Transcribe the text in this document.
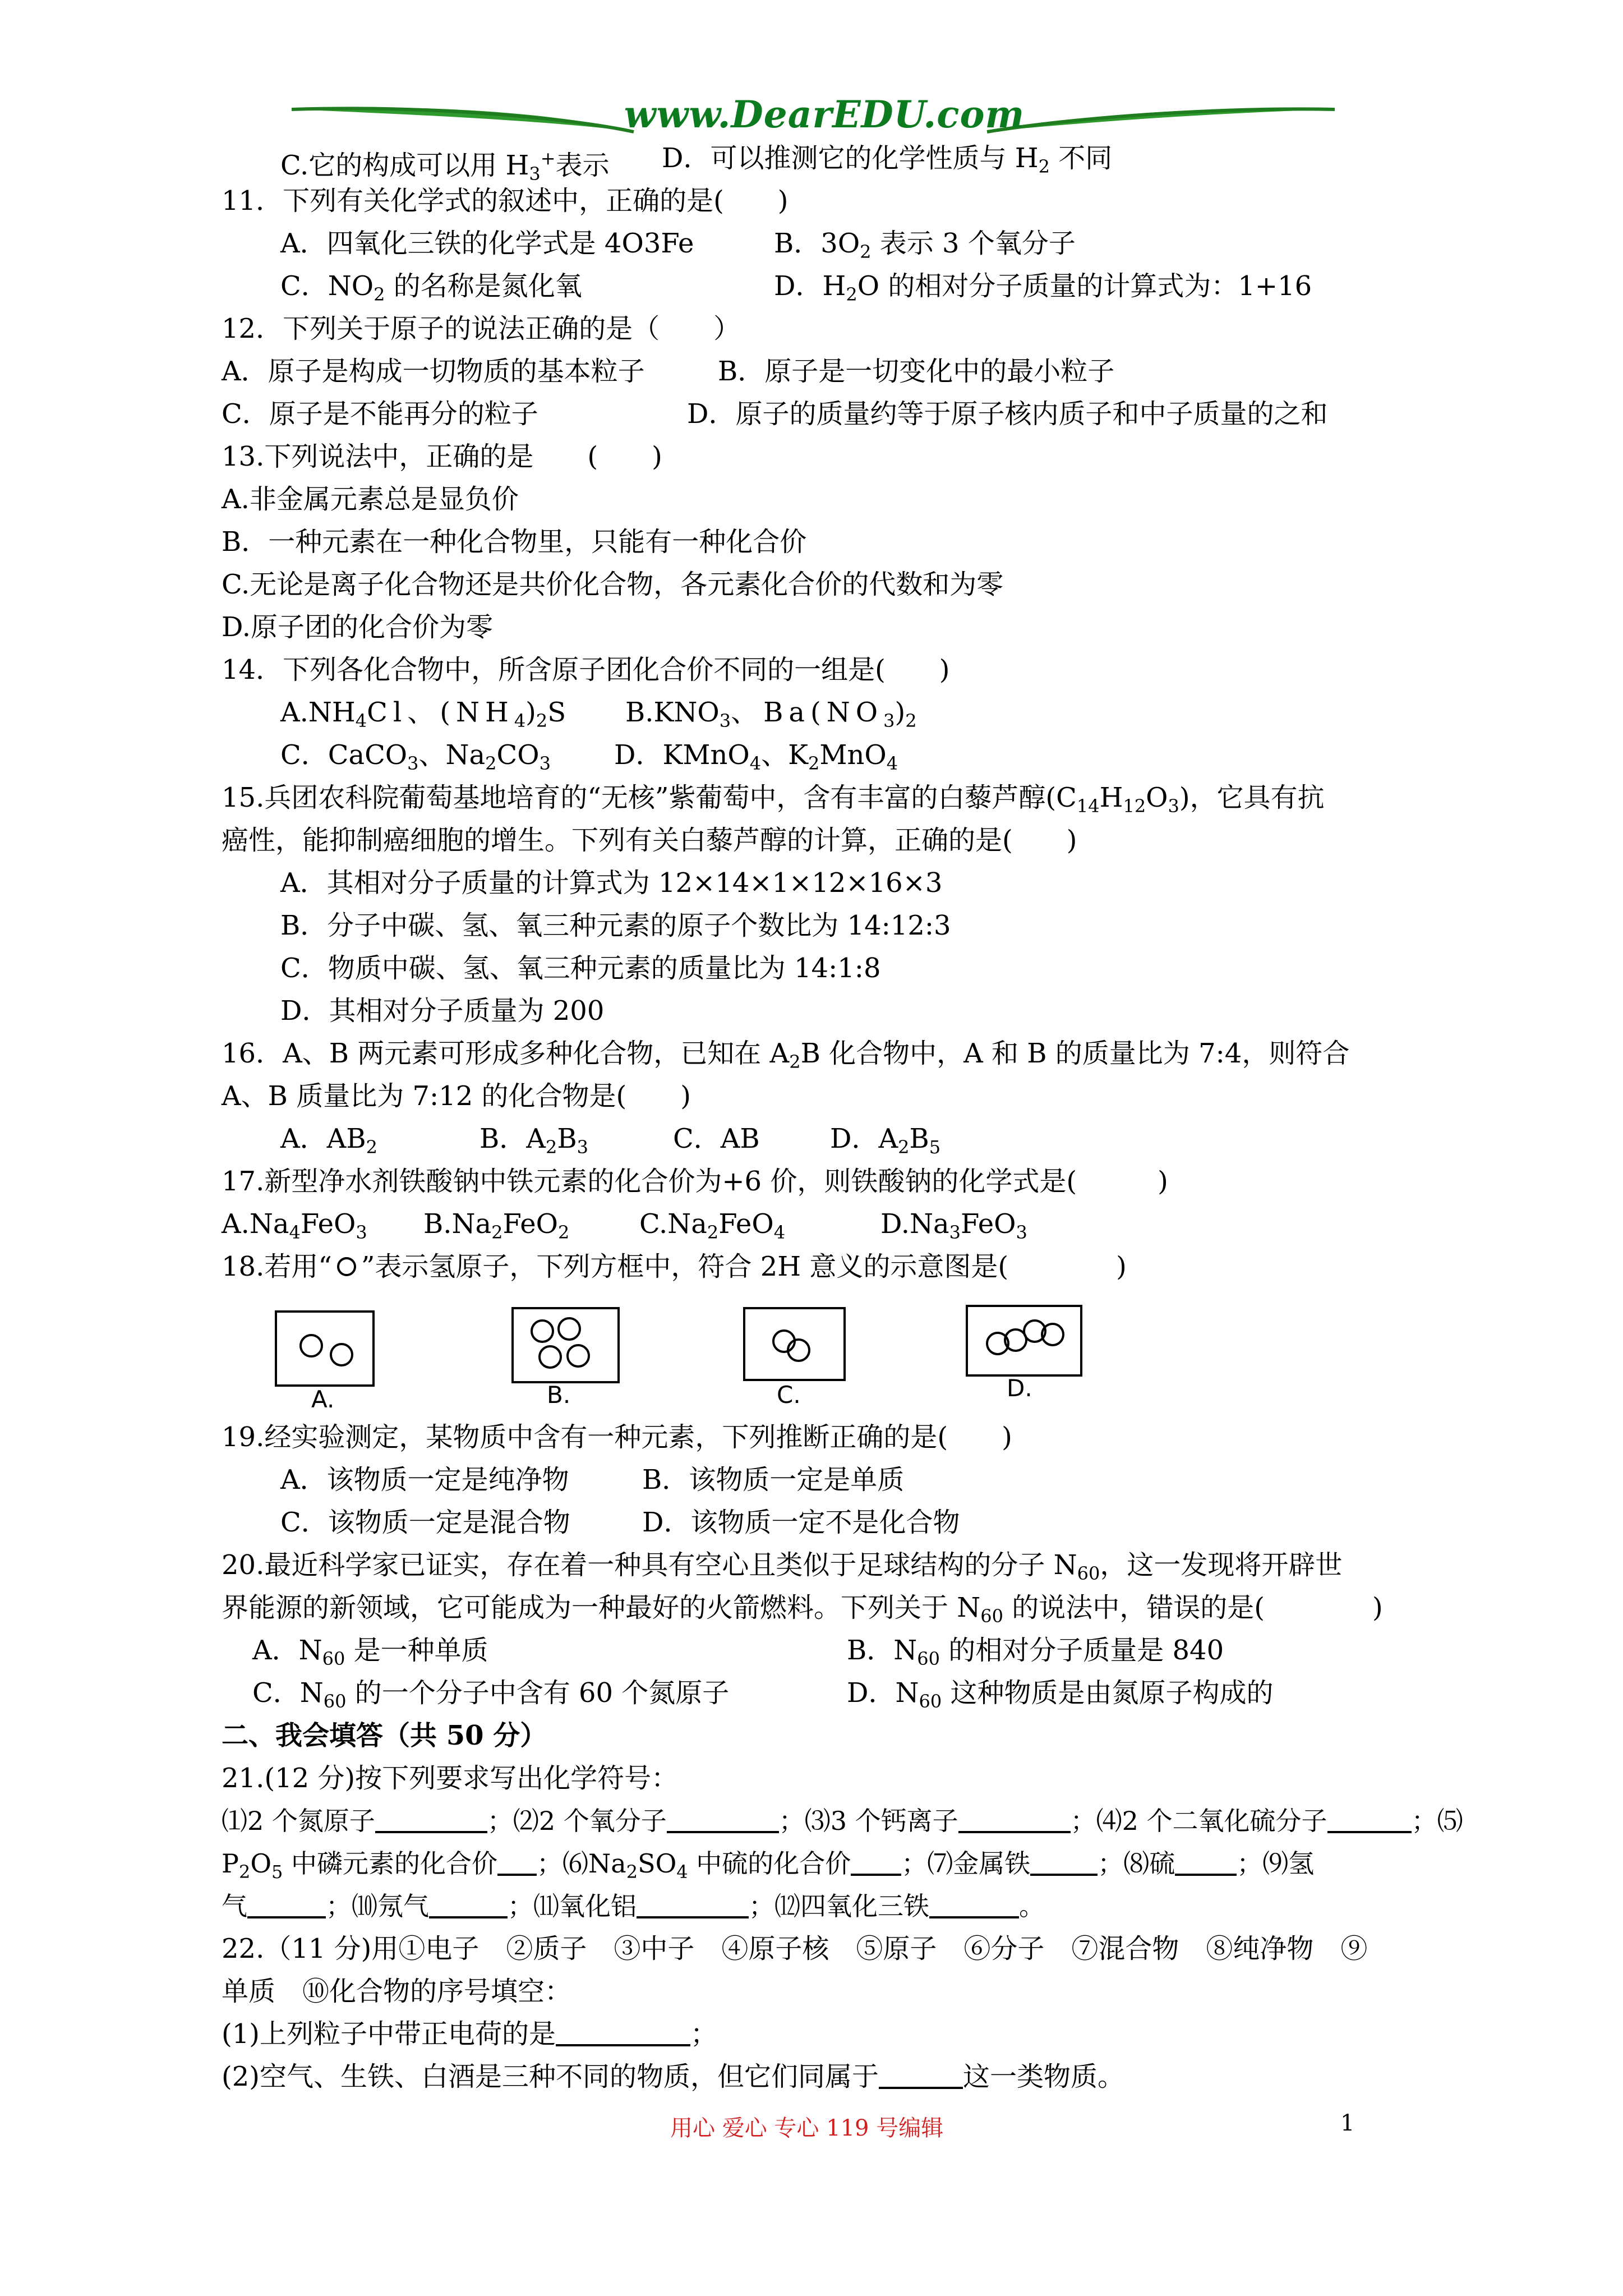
www.DearEDU.com
C.它的构成可以用 $H_3^+$表示 D．可以推测它的化学性质与 $H_2$ 不同
11．下列有关化学式的叙述中，正确的是(　　)
A．四氧化三铁的化学式是 4O3Fe	B．$3O_2$ 表示 3 个氧分子
C．$NO_2$ 的名称是氮化氧	D．$H_2O$ 的相对分子质量的计算式为：1+16
12．下列关于原子的说法正确的是（　　）
A．原子是构成一切物质的基本粒子	B．原子是一切变化中的最小粒子
C．原子是不能再分的粒子	D．原子的质量约等于原子核内质子和中子质量的之和
13.下列说法中，正确的是　　(　　)
A.非金属元素总是显负价
B．一种元素在一种化合物里，只能有一种化合价
C.无论是离子化合物还是共价化合物，各元素化合价的代数和为零
D.原子团的化合价为零
14．下列各化合物中，所含原子团化合价不同的一组是(　　)
$A.NH_4Cl$、$(NH_4)_2S$ $B.KNO_3$、$Ba(NO_3)_2$
C．CaCO$_3$、$Na_2CO_3$ D．KMnO$_4$、$K_2MnO_4$
15.兵团农科院葡萄基地培育的“无核”紫葡萄中，含有丰富的白藜芦醇$(C_{14}H_{12}O_3)$，它具有抗
癌性，能抑制癌细胞的增生。下列有关白藜芦醇的计算，正确的是(　　)
A．其相对分子质量的计算式为 12×14×1×12×16×3
B．分子中碳、氢、氧三种元素的原子个数比为 14:12:3
C．物质中碳、氢、氧三种元素的质量比为 14:1:8
D．其相对分子质量为 200
16．A、B 两元素可形成多种化合物，已知在 $A_2B$ 化合物中，A 和 B 的质量比为 7:4，则符合
A、B 质量比为 7:12 的化合物是(　　)
A．$AB_2$	B．$A_2B_3$	C．AB	D．$A_2B_5$
17.新型净水剂铁酸钠中铁元素的化合价为+6 价，则铁酸钠的化学式是(　　　)
$A.Na_4FeO_3$ $B.Na_2FeO_2$	$C.Na_2FeO_4$	$D.Na_3FeO_3$
18.若用“ ”表示氢原子，下列方框中，符合 2H 意义的示意图是(　　　　)
A.	B.	C.	D.
19.经实验测定，某物质中含有一种元素，下列推断正确的是(　　)
A．该物质一定是纯净物	B．该物质一定是单质
C．该物质一定是混合物	D．该物质一定不是化合物
20.最近科学家已证实，存在着一种具有空心且类似于足球结构的分子 $N_{60}$，这一发现将开辟世
界能源的新领域，它可能成为一种最好的火箭燃料。下列关于 $N_{60}$ 的说法中，错误的是(　　　　)
A．$N_{60}$ 是一种单质	B．$N_{60}$ 的相对分子质量是 840
C．$N_{60}$ 的一个分子中含有 60 个氮原子	D．$N_{60}$ 这种物质是由氮原子构成的
二、我会填答（共 50 分）
21.(12 分)按下列要求写出化学符号：
⑴2 个氮原子	；⑵2 个氧分子	；⑶3 个钙离子	；⑷2 个二氧化硫分子	；⑸
$P_2O_5$ 中磷元素的化合价 ；$⑹Na_2SO_4$ 中硫的化合价 ；⑺金属铁	；⑻硫 ；⑼氢
气	；⑽氖气	；⑾氧化铝	；⑿四氧化三铁	。
22.（11 分)用①电子　②质子　③中子　④原子核　⑤原子　⑥分子　⑦混合物　⑧纯净物　⑨
单质　⑩化合物的序号填空：
(1)上列粒子中带正电荷的是	；
(2)空气、生铁、白酒是三种不同的物质，但它们同属于	这一类物质。
用心 爱心 专心 119 号编辑	1
